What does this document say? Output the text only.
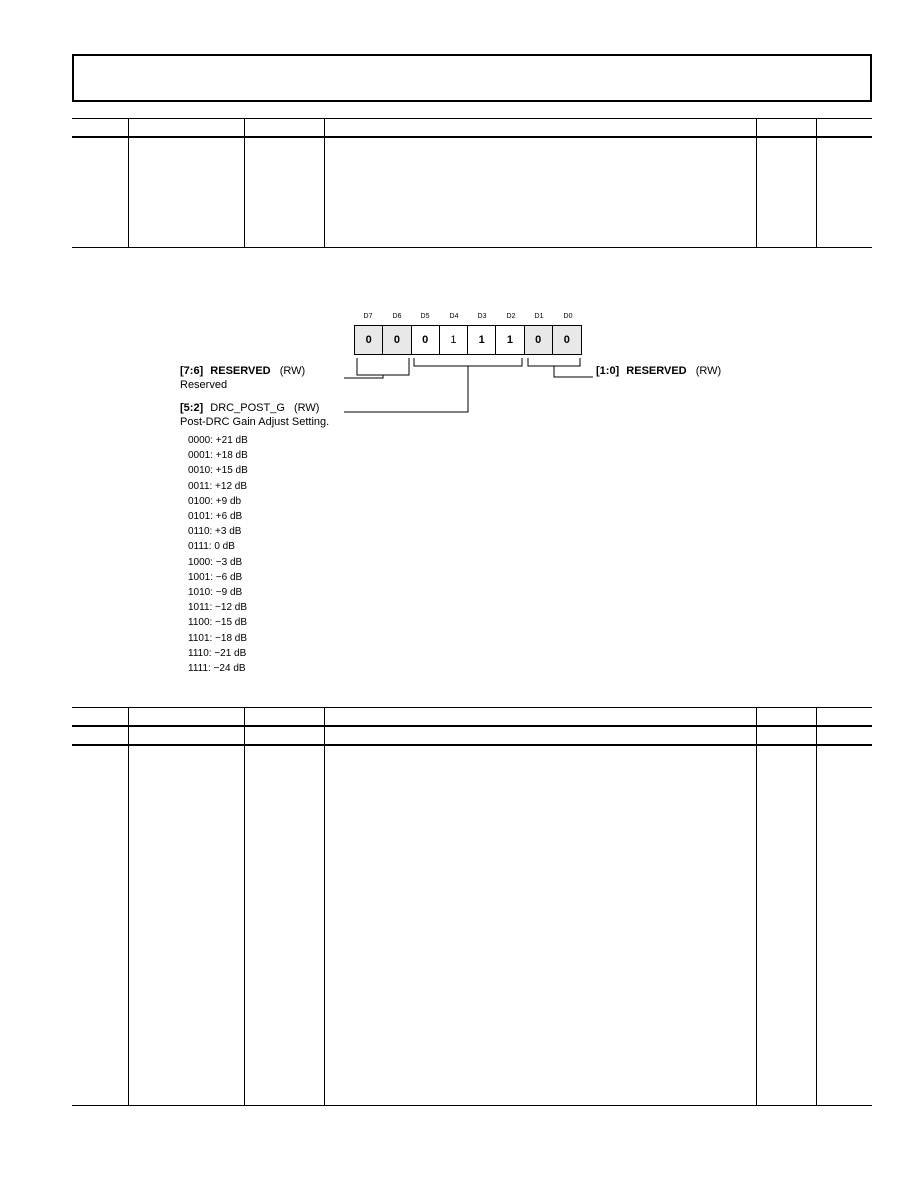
D7	D6	D5	D4	D3	D2	D1	D0
0	0	0	1	1	1	0	0
[7:6] RESERVED (RW)
Reserved
[5:2] DRC_POST_G (RW)
Post-DRC Gain Adjust Setting.
[1:0] RESERVED (RW)
0000: +21 dB
0001: +18 dB
0010: +15 dB
0011: +12 dB
0100: +9 db
0101: +6 dB
0110: +3 dB
0111: 0 dB
1000: −3 dB
1001: −6 dB
1010: −9 dB
1011: −12 dB
1100: −15 dB
1101: −18 dB
1110: −21 dB
1111: −24 dB
